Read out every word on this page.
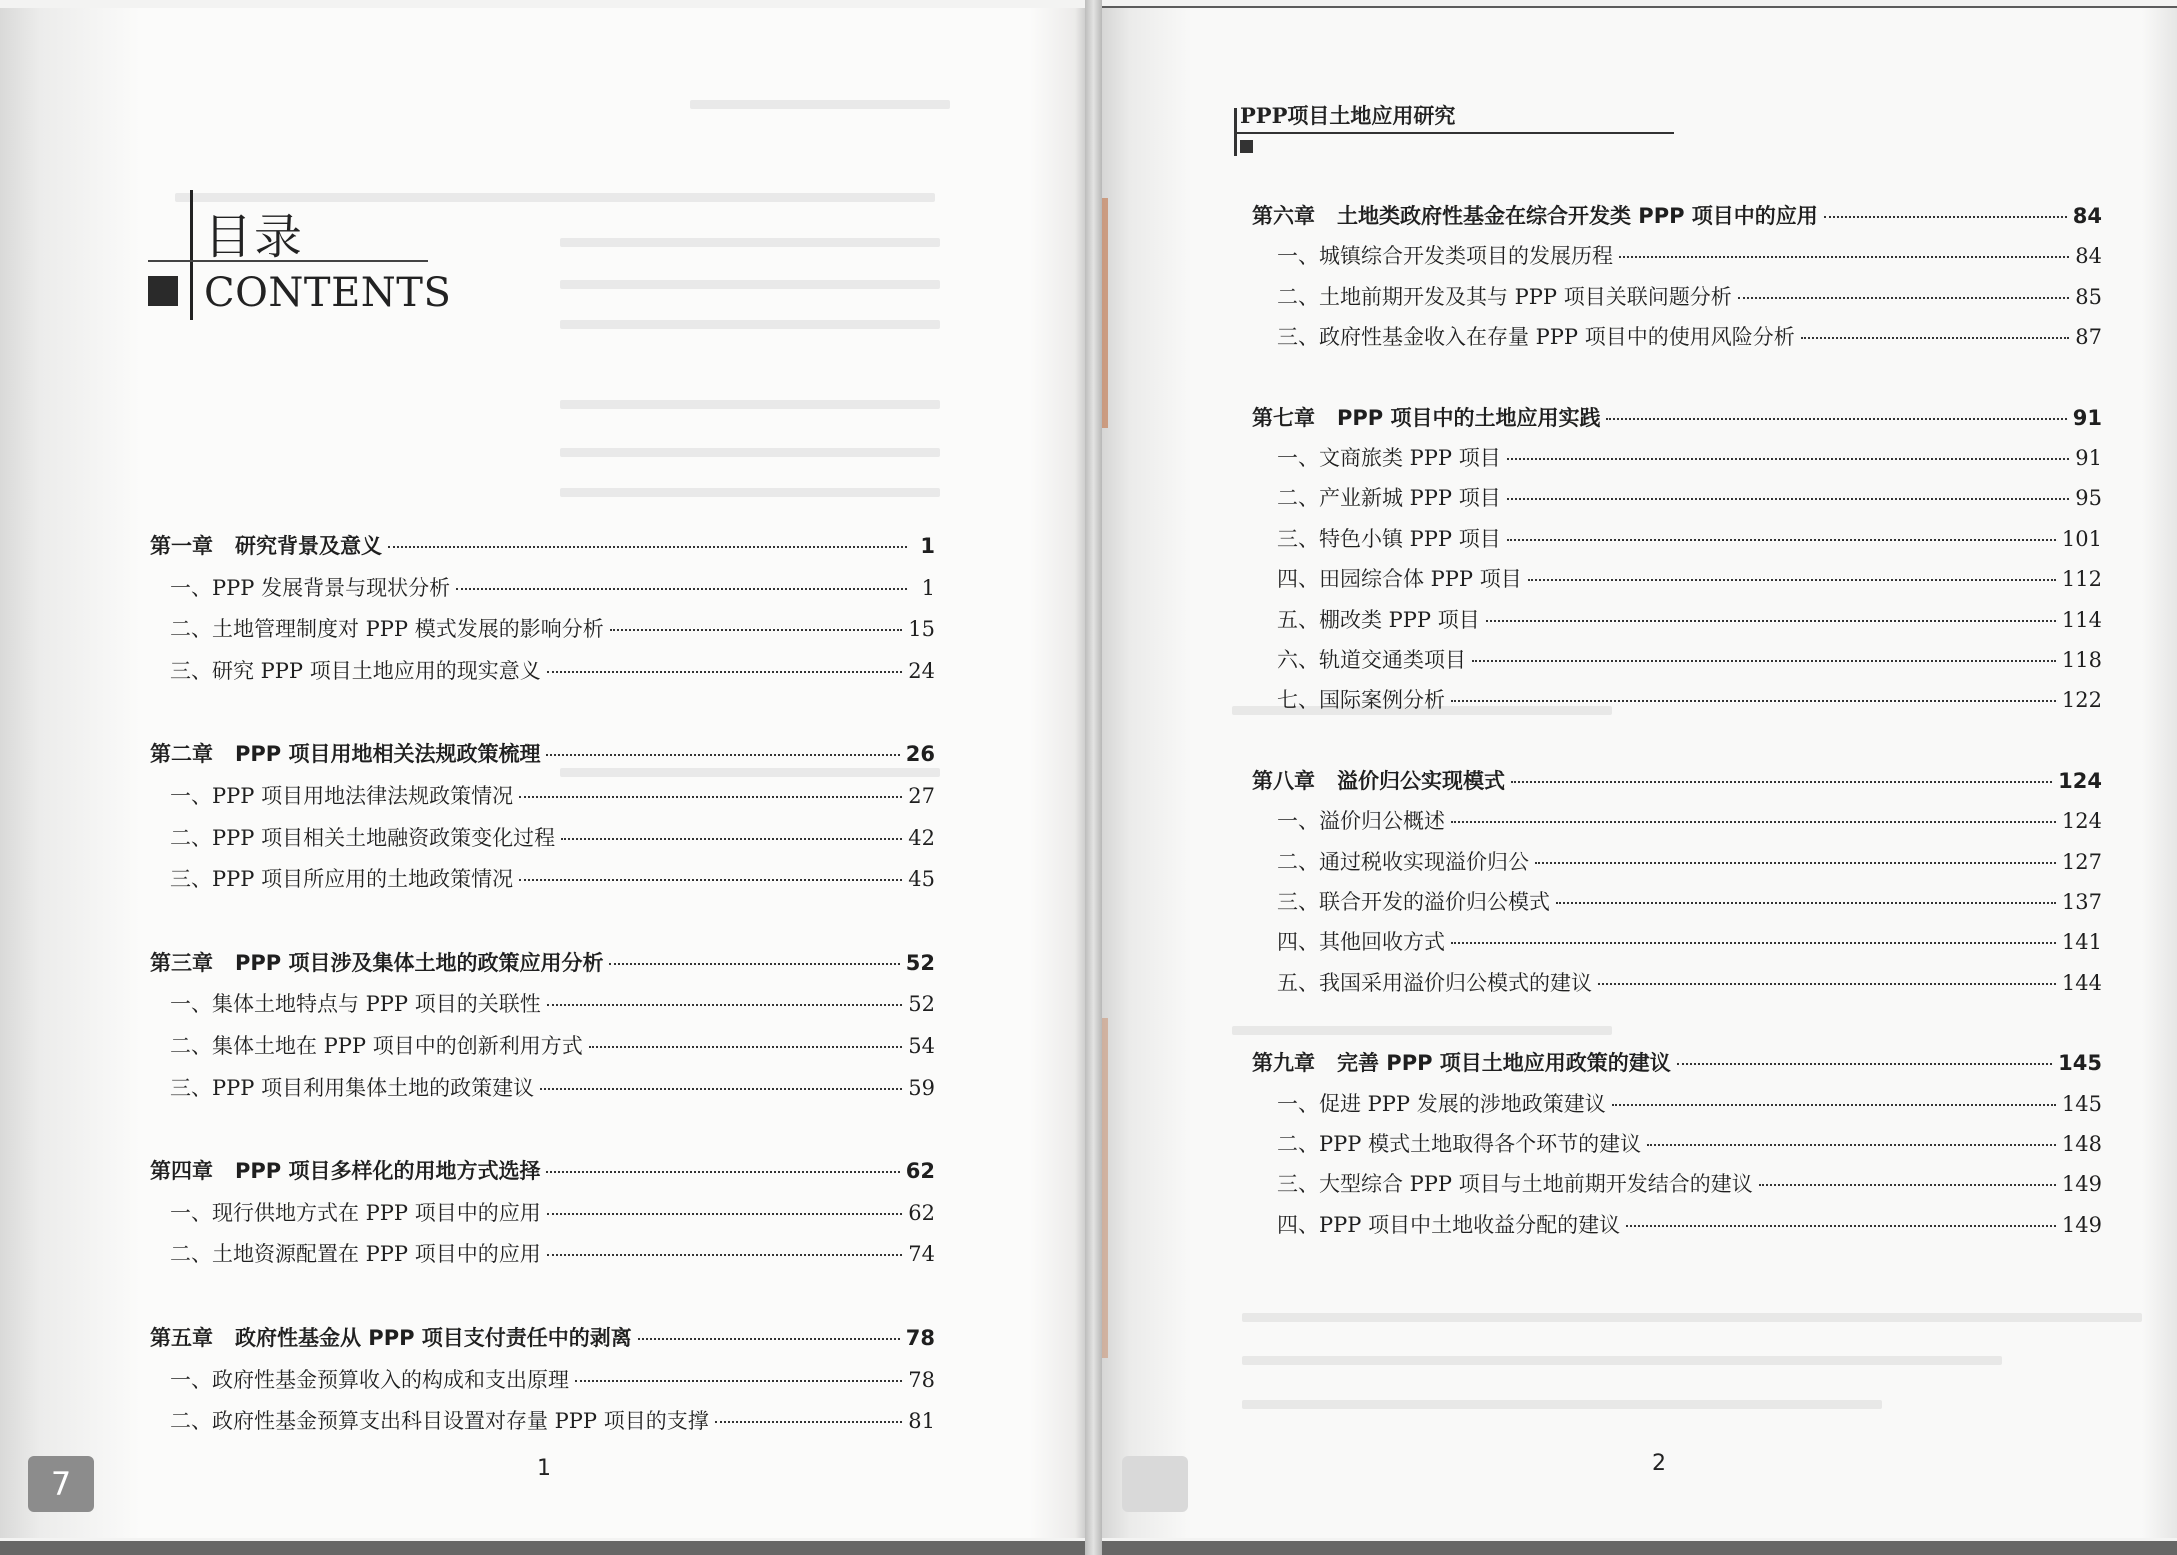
目录
CONTENTS
第一章 研究背景及意义	1
一、PPP 发展背景与现状分析	1
二、土地管理制度对 PPP 模式发展的影响分析	15
三、研究 PPP 项目土地应用的现实意义	24
第二章 PPP 项目用地相关法规政策梳理	26
一、PPP 项目用地法律法规政策情况	27
二、PPP 项目相关土地融资政策变化过程	42
三、PPP 项目所应用的土地政策情况	45
第三章 PPP 项目涉及集体土地的政策应用分析	52
一、集体土地特点与 PPP 项目的关联性	52
二、集体土地在 PPP 项目中的创新利用方式	54
三、PPP 项目利用集体土地的政策建议	59
第四章 PPP 项目多样化的用地方式选择	62
一、现行供地方式在 PPP 项目中的应用	62
二、土地资源配置在 PPP 项目中的应用	74
第五章 政府性基金从 PPP 项目支付责任中的剥离	78
一、政府性基金预算收入的构成和支出原理	78
二、政府性基金预算支出科目设置对存量 PPP 项目的支撑	81
1
7
PPP项目土地应用研究
第六章 土地类政府性基金在综合开发类 PPP 项目中的应用	84
一、城镇综合开发类项目的发展历程	84
二、土地前期开发及其与 PPP 项目关联问题分析	85
三、政府性基金收入在存量 PPP 项目中的使用风险分析	87
第七章 PPP 项目中的土地应用实践	91
一、文商旅类 PPP 项目	91
二、产业新城 PPP 项目	95
三、特色小镇 PPP 项目	101
四、田园综合体 PPP 项目	112
五、棚改类 PPP 项目	114
六、轨道交通类项目	118
七、国际案例分析	122
第八章 溢价归公实现模式	124
一、溢价归公概述	124
二、通过税收实现溢价归公	127
三、联合开发的溢价归公模式	137
四、其他回收方式	141
五、我国采用溢价归公模式的建议	144
第九章 完善 PPP 项目土地应用政策的建议	145
一、促进 PPP 发展的涉地政策建议	145
二、PPP 模式土地取得各个环节的建议	148
三、大型综合 PPP 项目与土地前期开发结合的建议	149
四、PPP 项目中土地收益分配的建议	149
2
